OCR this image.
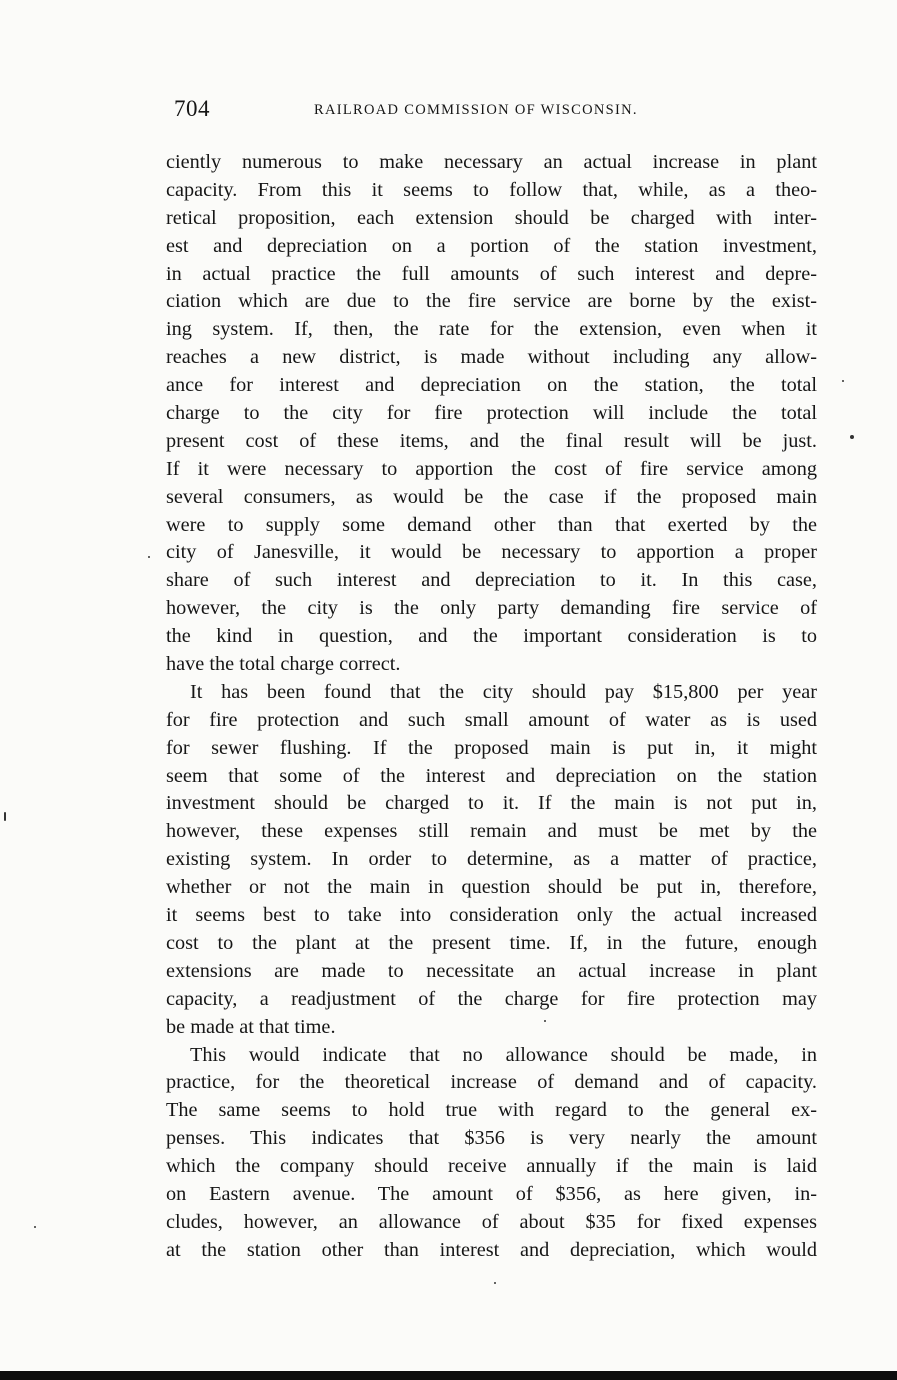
704	RAILROAD COMMISSION OF WISCONSIN.
ciently numerous to make necessary an actual increase in plant
capacity. From this it seems to follow that, while, as a theo-
retical proposition, each extension should be charged with inter-
est and depreciation on a portion of the station investment,
in actual practice the full amounts of such interest and depre-
ciation which are due to the fire service are borne by the exist-
ing system. If, then, the rate for the extension, even when it
reaches a new district, is made without including any allow-
ance for interest and depreciation on the station, the total
charge to the city for fire protection will include the total
present cost of these items, and the final result will be just.
If it were necessary to apportion the cost of fire service among
several consumers, as would be the case if the proposed main
were to supply some demand other than that exerted by the
city of Janesville, it would be necessary to apportion a proper
share of such interest and depreciation to it. In this case,
however, the city is the only party demanding fire service of
the kind in question, and the important consideration is to
have the total charge correct.
It has been found that the city should pay $15,800 per year
for fire protection and such small amount of water as is used
for sewer flushing. If the proposed main is put in, it might
seem that some of the interest and depreciation on the station
investment should be charged to it. If the main is not put in,
however, these expenses still remain and must be met by the
existing system. In order to determine, as a matter of practice,
whether or not the main in question should be put in, therefore,
it seems best to take into consideration only the actual increased
cost to the plant at the present time. If, in the future, enough
extensions are made to necessitate an actual increase in plant
capacity, a readjustment of the charge for fire protection may
be made at that time.
This would indicate that no allowance should be made, in
practice, for the theoretical increase of demand and of capacity.
The same seems to hold true with regard to the general ex-
penses. This indicates that $356 is very nearly the amount
which the company should receive annually if the main is laid
on Eastern avenue. The amount of $356, as here given, in-
cludes, however, an allowance of about $35 for fixed expenses
at the station other than interest and depreciation, which would
